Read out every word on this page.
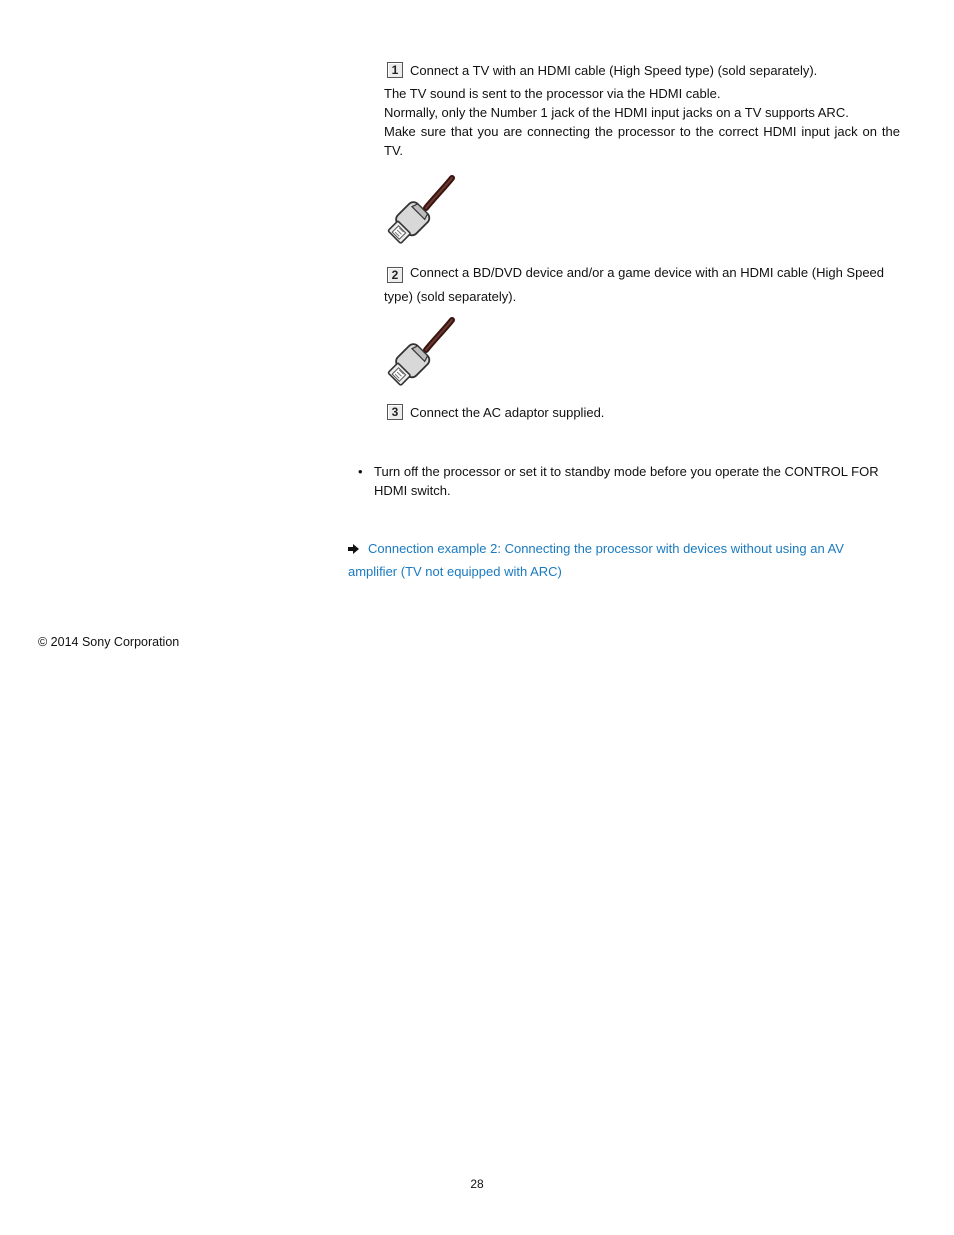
1 Connect a TV with an HDMI cable (High Speed type) (sold separately).
The TV sound is sent to the processor via the HDMI cable.
Normally, only the Number 1 jack of the HDMI input jacks on a TV supports ARC.
Make sure that you are connecting the processor to the correct HDMI input jack on the TV.
2 Connect a BD/DVD device and/or a game device with an HDMI cable (High Speed type) (sold separately).
3 Connect the AC adaptor supplied.
• Turn off the processor or set it to standby mode before you operate the CONTROL FOR HDMI switch.
Connection example 2: Connecting the processor with devices without using an AV amplifier (TV not equipped with ARC)
© 2014 Sony Corporation
28
